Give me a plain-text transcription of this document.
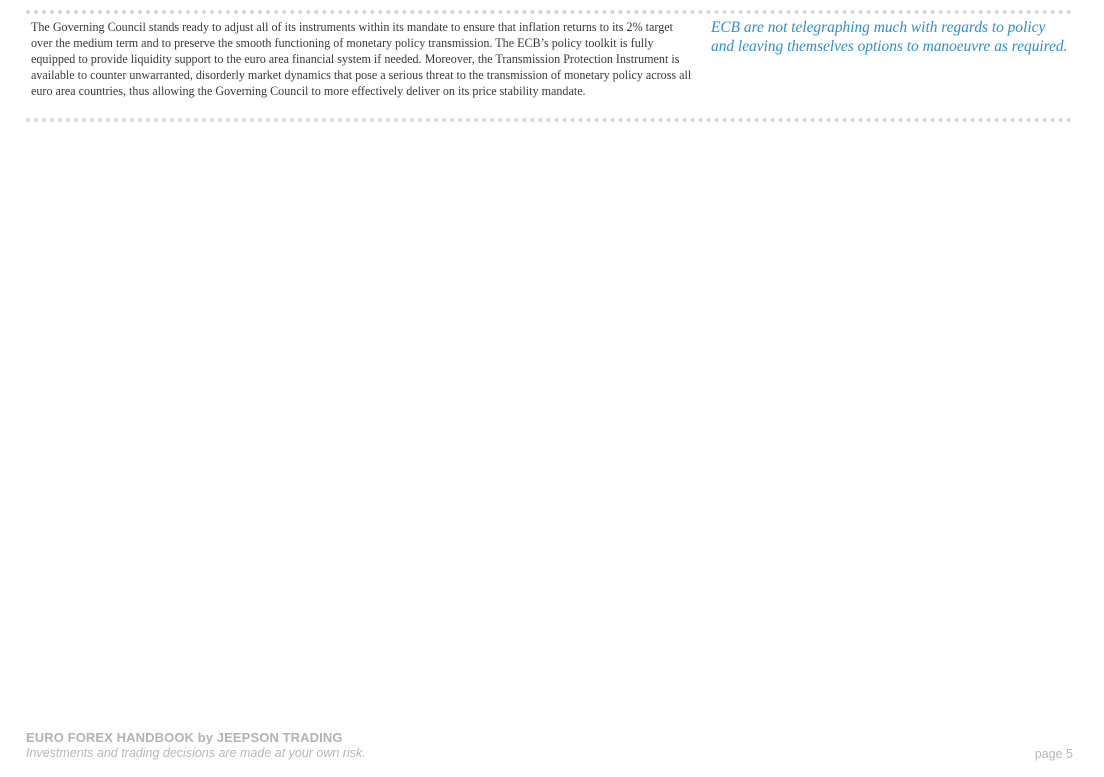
The Governing Council stands ready to adjust all of its instruments within its mandate to ensure that inflation returns to its 2% target over the medium term and to preserve the smooth functioning of monetary policy transmission. The ECB’s policy toolkit is fully equipped to provide liquidity support to the euro area financial system if needed. Moreover, the Transmission Protection Instrument is available to counter unwarranted, disorderly market dynamics that pose a serious threat to the transmission of monetary policy across all euro area countries, thus allowing the Governing Council to more effectively deliver on its price stability mandate.

ECB are not telegraphing much with regards to policy and leaving themselves options to manoeuvre as required.

EURO FOREX HANDBOOK by JEEPSON TRADING
Investments and trading decisions are made at your own risk.	page 5
